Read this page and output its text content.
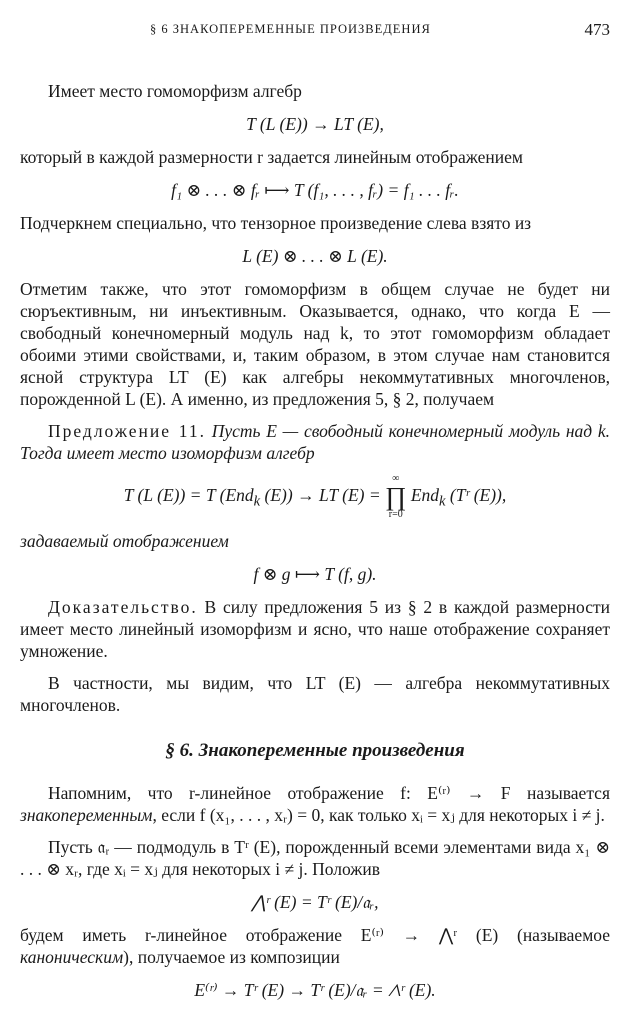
§ 6 ЗНАКОПЕРЕМЕННЫЕ ПРОИЗВЕДЕНИЯ	473

Имеет место гомоморфизм алгебр

T (L (E)) → LT (E),

который в каждой размерности r задается линейным отображением

f₁ ⊗ . . . ⊗ fᵣ ⟼ T (f₁, . . . , fᵣ) = f₁ . . . fᵣ.

Подчеркнем специально, что тензорное произведение слева взято из

L (E) ⊗ . . . ⊗ L (E).

Отметим также, что этот гомоморфизм в общем случае не будет ни сюръективным, ни инъективным. Оказывается, однако, что когда E — свободный конечномерный модуль над k, то этот гомоморфизм обладает обоими этими свойствами, и, таким образом, в этом случае нам становится ясной структура LT (E) как алгебры некоммутативных многочленов, порожденной L (E). А именно, из предложения 5, § 2, получаем

Предложение 11. Пусть E — свободный конечномерный модуль над k. Тогда имеет место изоморфизм алгебр

T (L (E)) = T (End$_k$ (E)) → LT (E) =
∞
∏
r=0
End$_k$ (Tʳ (E)),

задаваемый отображением

f ⊗ g ⟼ T (f, g).

Доказательство. В силу предложения 5 из § 2 в каждой размерности имеет место линейный изоморфизм и ясно, что наше отображение сохраняет умножение.

В частности, мы видим, что LT (E) — алгебра некоммутативных многочленов.

§ 6. Знакопеременные произведения

Напомним, что r-линейное отображение f: E⁽ʳ⁾ → F называется знакопеременным, если f (x₁, . . . , xᵣ) = 0, как только xᵢ = xⱼ для некоторых i ≠ j.

Пусть 𝔞ᵣ — подмодуль в Tʳ (E), порожденный всеми элементами вида x₁ ⊗ . . . ⊗ xᵣ, где xᵢ = xⱼ для некоторых i ≠ j. Положив

⋀ʳ (E) = Tʳ (E)/𝔞ᵣ,

будем иметь r-линейное отображение E⁽ʳ⁾ → ⋀ʳ (E) (называемое каноническим), получаемое из композиции

E⁽ʳ⁾ → Tʳ (E) → Tʳ (E)/𝔞ᵣ = ⋀ʳ (E).
